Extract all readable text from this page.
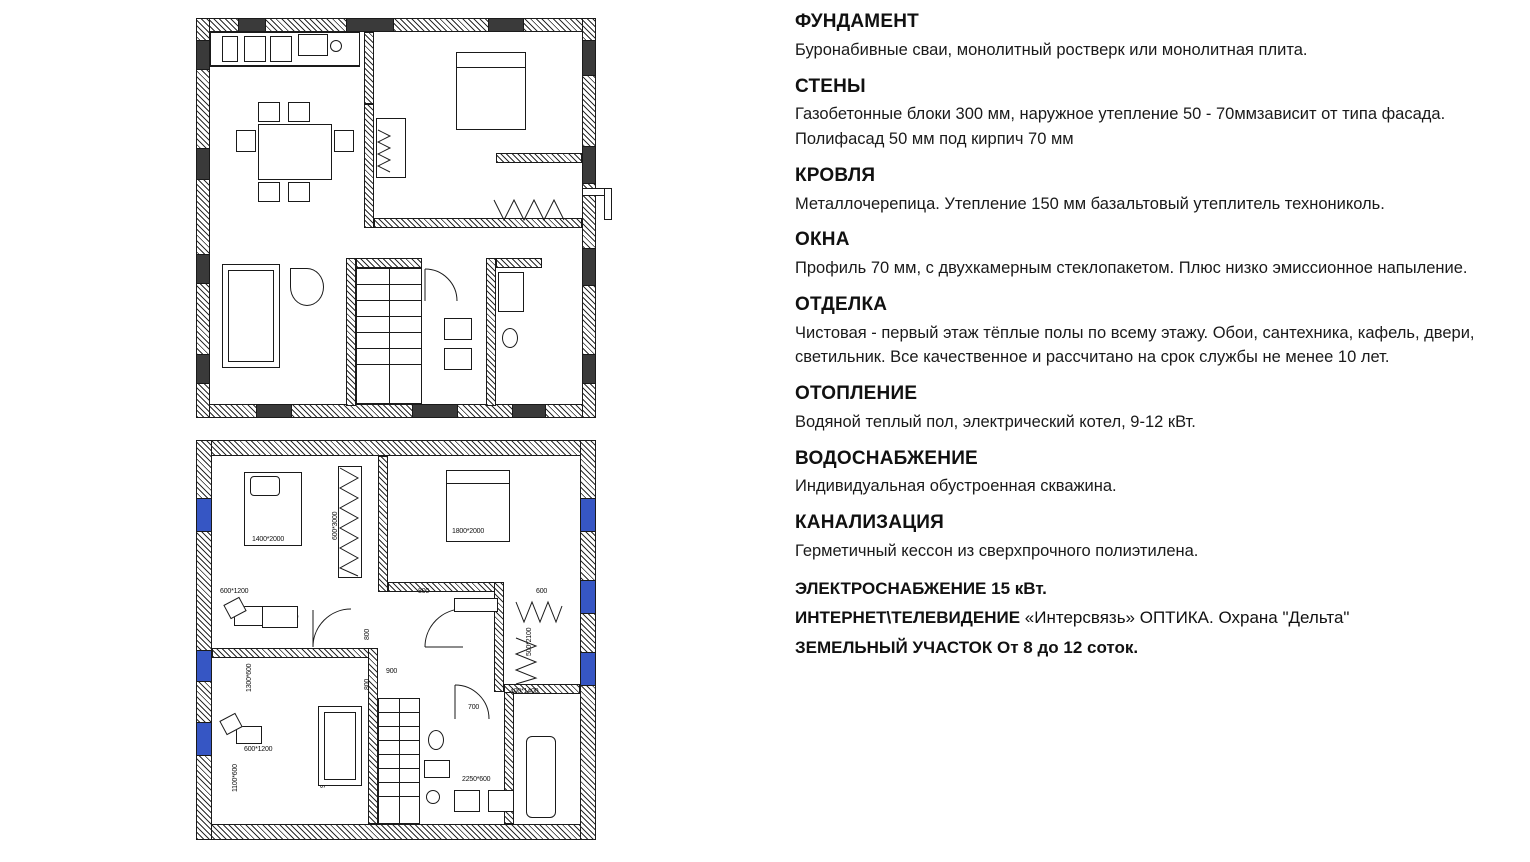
1400*2000	600*3000	1800*2000
600*1200
600*1200
1100*600
1300*600
800
800
800
600
500*2100
900
400*1400
700
2250*600
ФУНДАМЕНТ
Буронабивные сваи, монолитный ростверк или монолитная плита.
СТЕНЫ
Газобетонные блоки 300 мм, наружное утепление 50 - 70ммзависит от типа фасада. Полифасад 50 мм под кирпич 70 мм
КРОВЛЯ
Металлочерепица. Утепление 150 мм базальтовый утеплитель технониколь.
ОКНА
Профиль 70 мм, с двухкамерным стеклопакетом. Плюс низко эмиссионное напыление.
ОТДЕЛКА
Чистовая - первый этаж тёплые полы по всему этажу. Обои, сантехника, кафель, двери, светильник. Все качественное и рассчитано на срок службы не менее 10 лет.
ОТОПЛЕНИЕ
Водяной теплый пол, электрический котел, 9-12 кВт.
ВОДОСНАБЖЕНИЕ
Индивидуальная обустроенная скважина.
КАНАЛИЗАЦИЯ
Герметичный кессон из сверхпрочного полиэтилена.
ЭЛЕКТРОСНАБЖЕНИЕ 15 кВт.
ИНТЕРНЕТ\ТЕЛЕВИДЕНИЕ «Интерсвязь» ОПТИКА. Охрана "Дельта"
ЗЕМЕЛЬНЫЙ УЧАСТОК От 8 до 12 соток.
